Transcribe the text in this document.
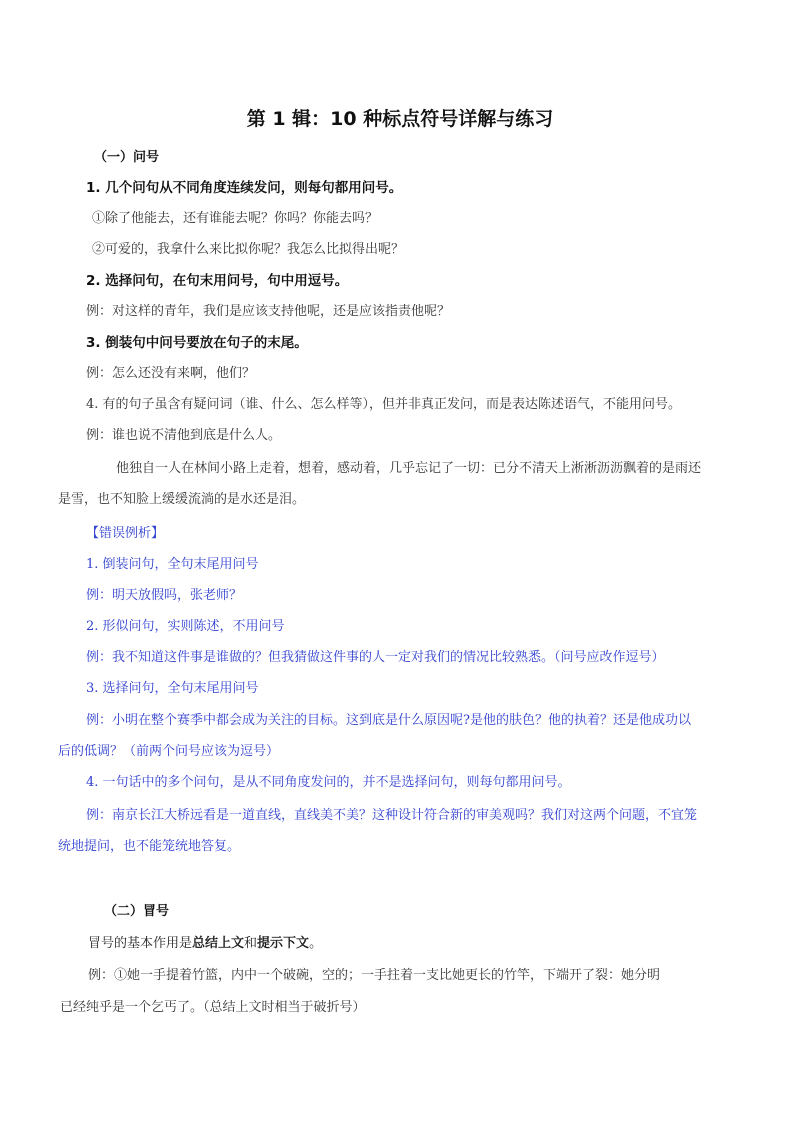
第 1 辑：10 种标点符号详解与练习
（一）问号
1. 几个问句从不同角度连续发问，则每句都用问号。
①除了他能去，还有谁能去呢？你吗？你能去吗？
②可爱的，我拿什么来比拟你呢？我怎么比拟得出呢？
2. 选择问句，在句末用问号，句中用逗号。
例：对这样的青年，我们是应该支持他呢，还是应该指责他呢？
3. 倒装句中问号要放在句子的末尾。
例：怎么还没有来啊，他们？
4. 有的句子虽含有疑问词（谁、什么、怎么样等），但并非真正发问，而是表达陈述语气，不能用问号。
例：谁也说不清他到底是什么人。
他独自一人在林间小路上走着，想着，感动着，几乎忘记了一切：已分不清天上淅淅沥沥飘着的是雨还
是雪，也不知脸上缓缓流淌的是水还是泪。
【错误例析】
1. 倒装问句，全句末尾用问号
例：明天放假吗，张老师？
2. 形似问句，实则陈述，不用问号
例：我不知道这件事是谁做的？但我猜做这件事的人一定对我们的情况比较熟悉。（问号应改作逗号）
3. 选择问句，全句末尾用问号
例：小明在整个赛季中都会成为关注的目标。这到底是什么原因呢?是他的肤色？他的执着？还是他成功以
后的低调？（前两个问号应该为逗号）
4. 一句话中的多个问句，是从不同角度发问的，并不是选择问句，则每句都用问号。
例：南京长江大桥远看是一道直线，直线美不美？这种设计符合新的审美观吗？我们对这两个问题，不宜笼
统地提问，也不能笼统地答复。
（二）冒号
冒号的基本作用是总结上文和提示下文。
例：①她一手提着竹篮，内中一个破碗，空的；一手拄着一支比她更长的竹竿，下端开了裂：她分明
已经纯乎是一个乞丐了。（总结上文时相当于破折号）
